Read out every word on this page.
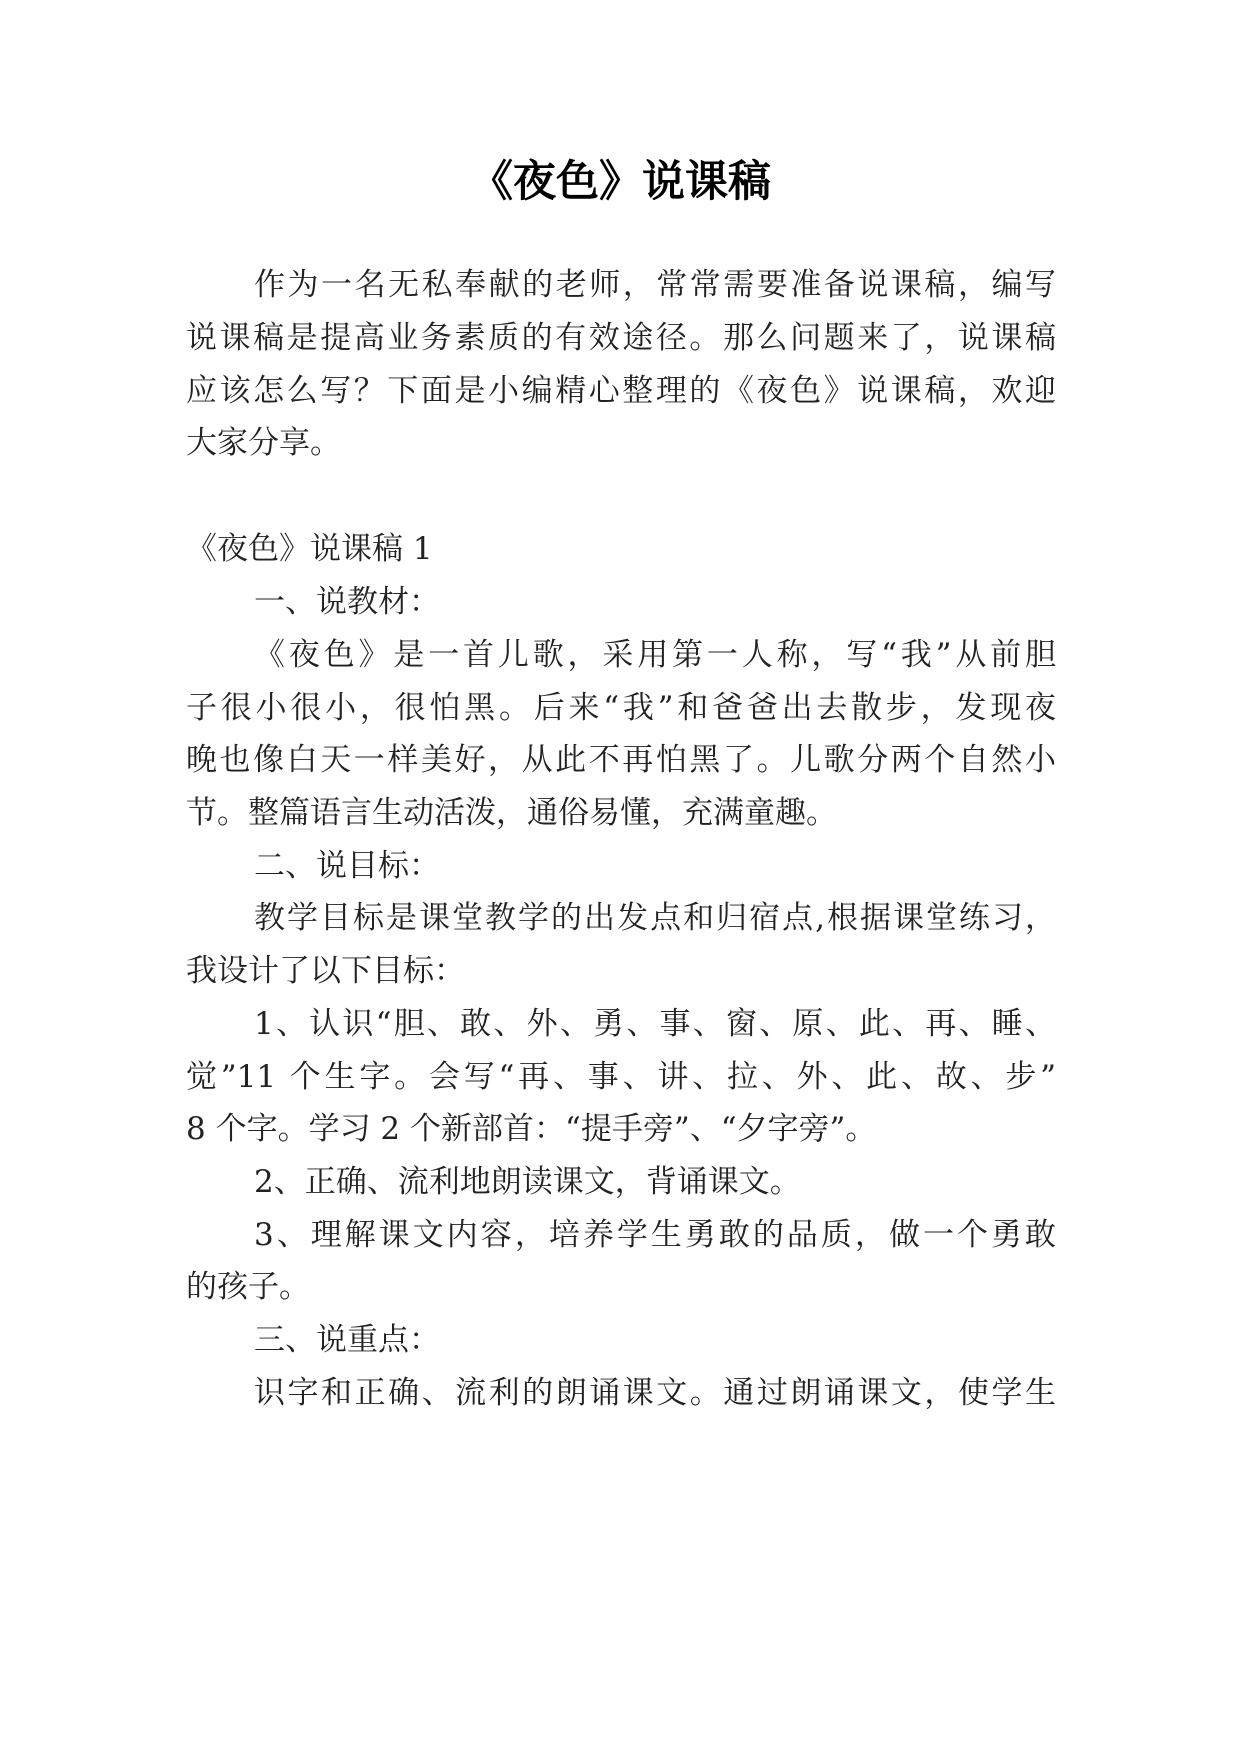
《夜色》说课稿

作为一名无私奉献的老师，常常需要准备说课稿，编写

说课稿是提高业务素质的有效途径。那么问题来了，说课稿

应该怎么写？下面是小编精心整理的《夜色》说课稿，欢迎

大家分享。

《夜色》说课稿 1

一、说教材：

《夜色》是一首儿歌，采用第一人称，写“我”从前胆

子很小很小，很怕黑。后来“我”和爸爸出去散步，发现夜

晚也像白天一样美好，从此不再怕黑了。儿歌分两个自然小

节。整篇语言生动活泼，通俗易懂，充满童趣。

二、说目标：

教学目标是课堂教学的出发点和归宿点,根据课堂练习，

我设计了以下目标：

1、认识“胆、敢、外、勇、事、窗、原、此、再、睡、

觉”11 个生字。会写“再、事、讲、拉、外、此、故、步”

8 个字。学习 2 个新部首：“提手旁”、“夕字旁”。

2、正确、流利地朗读课文，背诵课文。

3、理解课文内容，培养学生勇敢的品质，做一个勇敢

的孩子。

三、说重点：

识字和正确、流利的朗诵课文。通过朗诵课文，使学生
